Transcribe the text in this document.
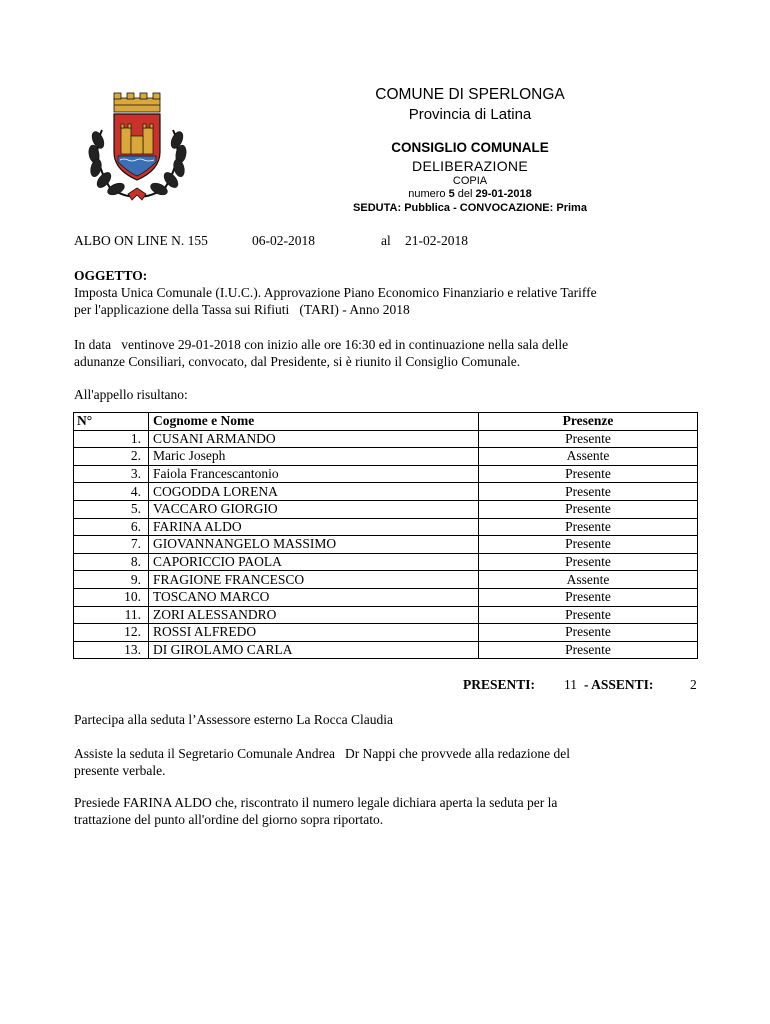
COMUNE DI SPERLONGA
Provincia di Latina
CONSIGLIO COMUNALE
DELIBERAZIONE
COPIA
numero 5 del 29-01-2018
SEDUTA: Pubblica - CONVOCAZIONE: Prima
ALBO ON LINE N. 155	06-02-2018	al 21-02-2018
OGGETTO:
Imposta Unica Comunale (I.U.C.). Approvazione Piano Economico Finanziario e relative Tariffe
per l'applicazione della Tassa sui Rifiuti   (TARI) - Anno 2018
In data   ventinove 29-01-2018 con inizio alle ore 16:30 ed in continuazione nella sala delle
adunanze Consiliari, convocato, dal Presidente, si è riunito il Consiglio Comunale.
All'appello risultano:
N°	Cognome e Nome	Presenze
1.	CUSANI ARMANDO	Presente
2.	Maric Joseph	Assente
3.	Faiola Francescantonio	Presente
4.	COGODDA LORENA	Presente
5.	VACCARO GIORGIO	Presente
6.	FARINA ALDO	Presente
7.	GIOVANNANGELO MASSIMO	Presente
8.	CAPORICCIO PAOLA	Presente
9.	FRAGIONE FRANCESCO	Assente
10.	TOSCANO MARCO	Presente
11.	ZORI ALESSANDRO	Presente
12.	ROSSI ALFREDO	Presente
13.	DI GIROLAMO CARLA	Presente
PRESENTI: 11 - ASSENTI:	2
Partecipa alla seduta l’Assessore esterno La Rocca Claudia
Assiste la seduta il Segretario Comunale Andrea   Dr Nappi che provvede alla redazione del
presente verbale.
Presiede FARINA ALDO che, riscontrato il numero legale dichiara aperta la seduta per la
trattazione del punto all'ordine del giorno sopra riportato.
